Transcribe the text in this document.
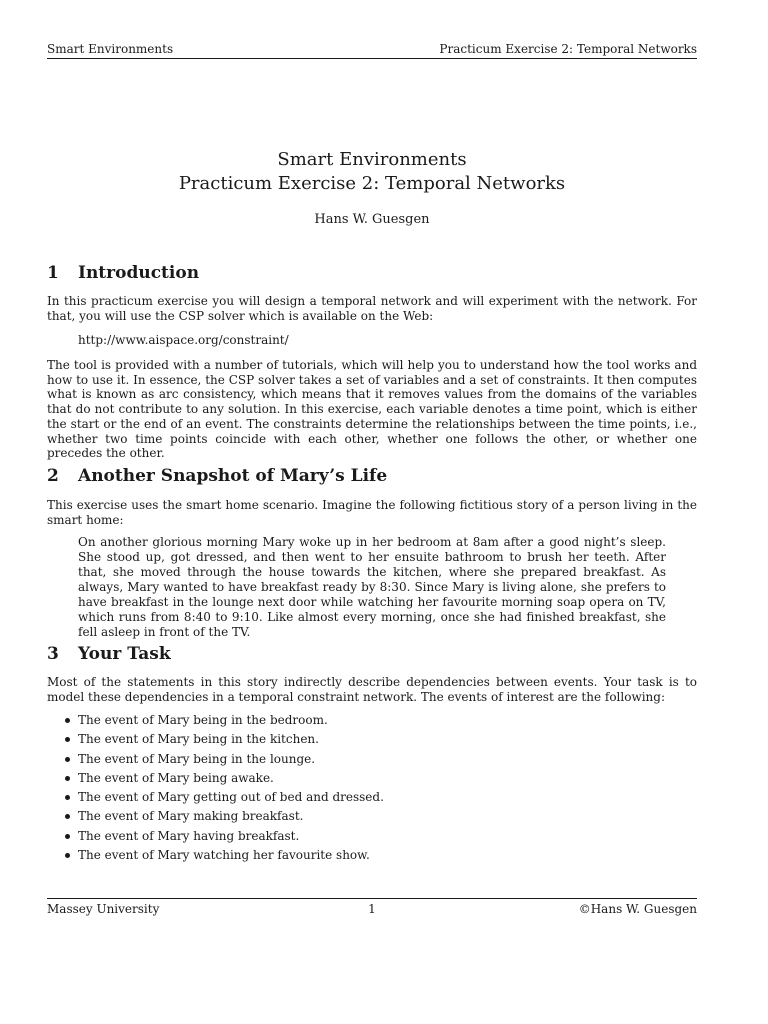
Smart Environments	Practicum Exercise 2: Temporal Networks
Smart Environments
Practicum Exercise 2: Temporal Networks
Hans W. Guesgen
1 Introduction

In this practicum exercise you will design a temporal network and will experiment with the network. For that, you will use the CSP solver which is available on the Web:

http://www.aispace.org/constraint/

The tool is provided with a number of tutorials, which will help you to understand how the tool works and how to use it. In essence, the CSP solver takes a set of variables and a set of constraints. It then computes what is known as arc consistency, which means that it removes values from the domains of the variables that do not contribute to any solution. In this exercise, each variable denotes a time point, which is either the start or the end of an event. The constraints determine the relationships between the time points, i.e., whether two time points coincide with each other, whether one follows the other, or whether one precedes the other.

2 Another Snapshot of Mary’s Life

This exercise uses the smart home scenario. Imagine the following fictitious story of a person living in the smart home:

On another glorious morning Mary woke up in her bedroom at 8am after a good night’s sleep. She stood up, got dressed, and then went to her ensuite bathroom to brush her teeth. After that, she moved through the house towards the kitchen, where she prepared breakfast. As always, Mary wanted to have breakfast ready by 8:30. Since Mary is living alone, she prefers to have breakfast in the lounge next door while watching her favourite morning soap opera on TV, which runs from 8:40 to 9:10. Like almost every morning, once she had finished breakfast, she fell asleep in front of the TV.

3 Your Task

Most of the statements in this story indirectly describe dependencies between events. Your task is to model these dependencies in a temporal constraint network. The events of interest are the following:

The event of Mary being in the bedroom.
The event of Mary being in the kitchen.
The event of Mary being in the lounge.
The event of Mary being awake.
The event of Mary getting out of bed and dressed.
The event of Mary making breakfast.
The event of Mary having breakfast.
The event of Mary watching her favourite show.
Massey University	1	©Hans W. Guesgen
